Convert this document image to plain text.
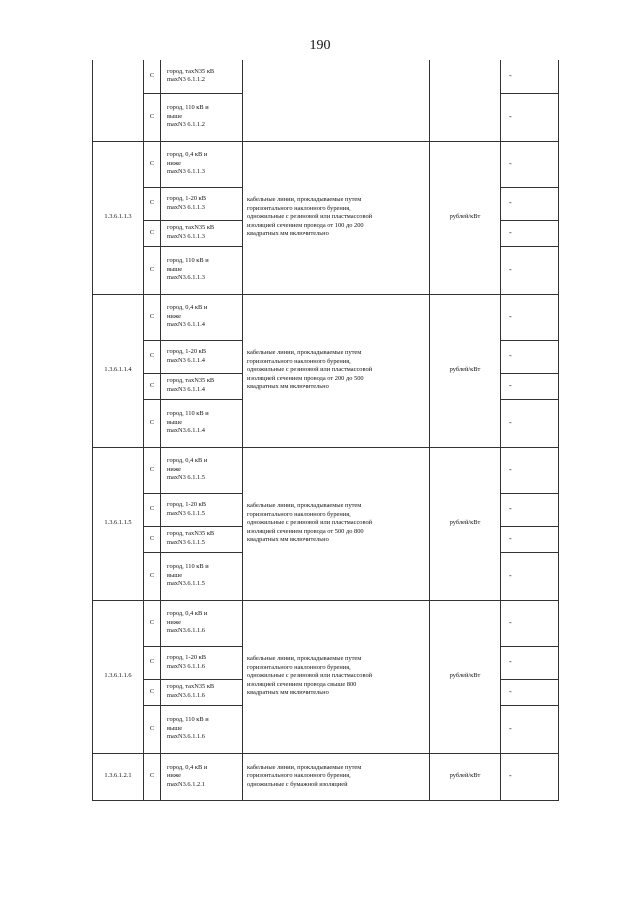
190
	С	город, таxN35 кВ
maxN3 6.1.1.2			-
	С	город, 110 кВ и
выше
maxN3 6.1.1.2			-
1.3.6.1.1.3	С	город, 0,4 кВ и
ниже
maxN3 6.1.1.3	кабельные линии, прокладываемые путем
горизонтального наклонного бурения,
одножильные с резиновой или пластмассовой
изоляцией сечением провода от 100 до 200
квадратных мм включительно	рублей/кВт	-
	С	город, 1-20 кВ
maxN3 6.1.1.3			-
	С	город, таxN35 кВ
maxN3 6.1.1.3			-
	С	город, 110 кВ и
выше
maxN3.6.1.1.3			-
1.3.6.1.1.4	С	город, 0,4 кВ и
ниже
maxN3 6.1.1.4	кабельные линии, прокладываемые путем
горизонтального наклонного бурения,
одножильные с резиновой или пластмассовой
изоляцией сечением провода от 200 до 500
квадратных мм включительно	рублей/кВт	-
	С	город, 1-20 кВ
maxN3 6.1.1.4			-
	С	город, таxN35 кВ
maxN3 6.1.1.4			-
	С	город, 110 кВ и
выше
maxN3.6.1.1.4			-
1.3.6.1.1.5	С	город, 0,4 кВ и
ниже
maxN3 6.1.1.5	кабельные линии, прокладываемые путем
горизонтального наклонного бурения,
одножильные с резиновой или пластмассовой
изоляцией сечением провода от 500 до 800
квадратных мм включительно	рублей/кВт	-
	С	город, 1-20 кВ
maxN3 6.1.1.5			-
	С	город, таxN35 кВ
maxN3 6.1.1.5			-
	С	город, 110 кВ и
выше
maxN3.6.1.1.5			-
1.3.6.1.1.6	С	город, 0,4 кВ и
ниже
maxN3.6.1.1.6	кабельные линии, прокладываемые путем
горизонтального наклонного бурения,
одножильные с резиновой или пластмассовой
изоляцией сечением провода свыше 800
квадратных мм включительно	рублей/кВт	-
	С	город, 1-20 кВ
maxN3 6.1.1.6			-
	С	город, таxN35 кВ
maxN3.6.1.1.6			-
	С	город, 110 кВ и
выше
maxN3.6.1.1.6			-
1.3.6.1.2.1	С	город, 0,4 кВ и
ниже
maxN3.6.1.2.1	кабельные линии, прокладываемые путем
горизонтального наклонного бурения,
одножильные с бумажной изоляцией	рублей/кВт	-
